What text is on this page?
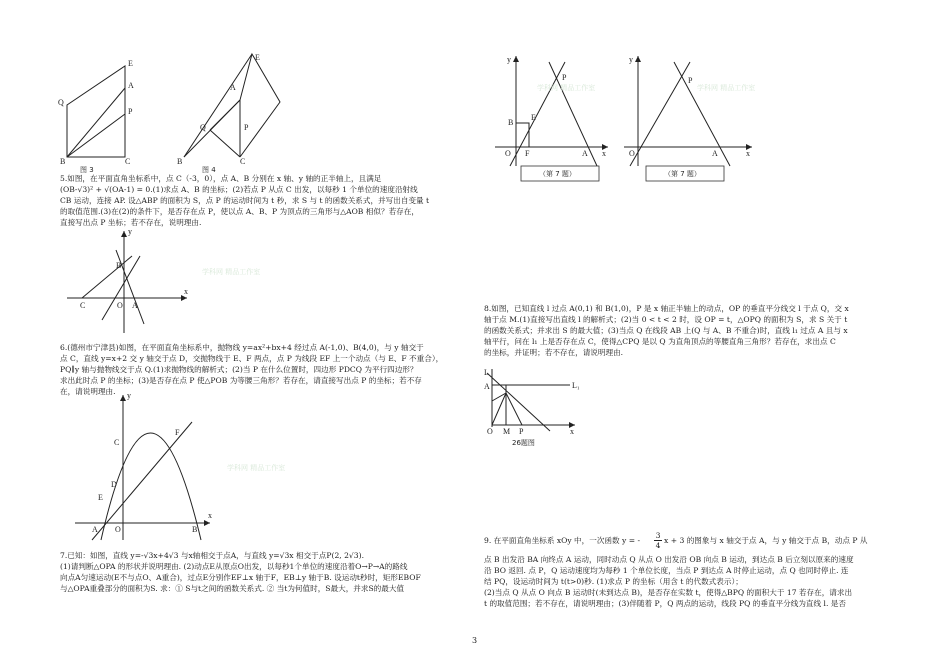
E
A
Q
P
B	C
图 3
E
A
B	C
Q	P
图 4

5.如图，在平面直角坐标系中，点 C（-3，0），点 A、B 分别在 x 轴、y 轴的正半轴上，且满足
(OB-√3)² + √(OA-1) = 0.(1)求点 A、B 的坐标；(2)若点 P 从点 C 出发，以每秒 1 个单位的速度沿射线
CB 运动，连接 AP. 设△ABP 的面积为 S，点 P 的运动时间为 t 秒，求 S 与 t 的函数关系式，并写出自变量 t
的取值范围.(3)在(2)的条件下，是否存在点 P，使以点 A、B、P 为顶点的三角形与△AOB 相似？若存在，
直接写出点 P 坐标；若不存在，说明理由.

y
x
B
C	O A
学科网 精品工作室

6.(德州市宁津县)如图，在平面直角坐标系中，抛物线 y=ax²+bx+4 经过点 A(-1,0)、B(4,0)，与 y 轴交于
点 C，直线 y=x+2 交 y 轴交于点 D，交抛物线于 E、F 两点，点 P 为线段 EF 上一个动点（与 E、F 不重合），
PQ∥y 轴与抛物线交于点 Q.(1)求抛物线的解析式；(2)当 P 在什么位置时，四边形 PDCQ 为平行四边形？
求出此时点 P 的坐标；(3)是否存在点 P 使△POB 为等腰三角形？若存在，请直接写出点 P 的坐标；若不存
在，请说明理由.	y
C
F
D
E
A O	B
x
学科网 精品工作室

7.已知：如图，直线 y=-√3x+4√3 与x轴相交于点A，与直线 y=√3x 相交于点P(2, 2√3).
(1)请判断△OPA 的形状并说明理由. (2)动点E从原点O出发，以每秒1个单位的速度沿着O→P→A的路线
向点A匀速运动(E不与点O、A重合)，过点E分别作EF⊥x 轴于F，EB⊥y 轴于B. 设运动t秒时，矩形EBOF
与△OPA重叠部分的面积为S. 求：① S与t之间的函数关系式. ② 当t为何值时，S最大，并求S的最大值

y
P
E
B
O F	A x
（第 7 题）
学科网 精品工作室
y
P
O	A	x
（第 7 题）
学科网 精品工作室

8.如图，已知直线 l 过点 A(0,1) 和 B(1,0)，P 是 x 轴正半轴上的动点，OP 的垂直平分线交 l 于点 Q，交 x
轴于点 M.(1)直接写出直线 l 的解析式；(2)当 0 < t < 2 时，设 OP = t，△OPQ 的面积为 S，求 S 关于 t
的函数关系式；并求出 S 的最大值；(3)当点 Q 在线段 AB 上(Q 与 A、B 不重合)时，直线 l₁ 过点 A 且与 x
轴平行，问在 l₁ 上是否存在点 C，使得△CPQ 是以 Q 为直角顶点的等腰直角三角形？若存在，求出点 C
的坐标，并证明；若不存在，请说明理由.

L
L₁
A
O M P	x
26题图
9. 在平面直角坐标系 xOy 中，一次函数 y = -
3
4
x + 3 的图象与 x 轴交于点 A，与 y 轴交于点 B，动点 P 从

点 B 出发沿 BA 向终点 A 运动，同时动点 Q 从点 O 出发沿 OB 向点 B 运动，到达点 B 后立刻以原来的速度
沿 BO 返回. 点 P，Q 运动速度均为每秒 1 个单位长度，当点 P 到达点 A 时停止运动，点 Q 也同时停止. 连
结 PQ，设运动时间为 t(t>0)秒. (1)求点 P 的坐标（用含 t 的代数式表示）；
(2)当点 Q 从点 O 向点 B 运动时(未到达点 B)，是否存在实数 t，使得△BPQ 的面积大于 17 若存在，请求出
t 的取值范围；若不存在，请说明理由；(3)伴随着 P，Q 两点的运动，线段 PQ 的垂直平分线为直线 l. 是否

3
